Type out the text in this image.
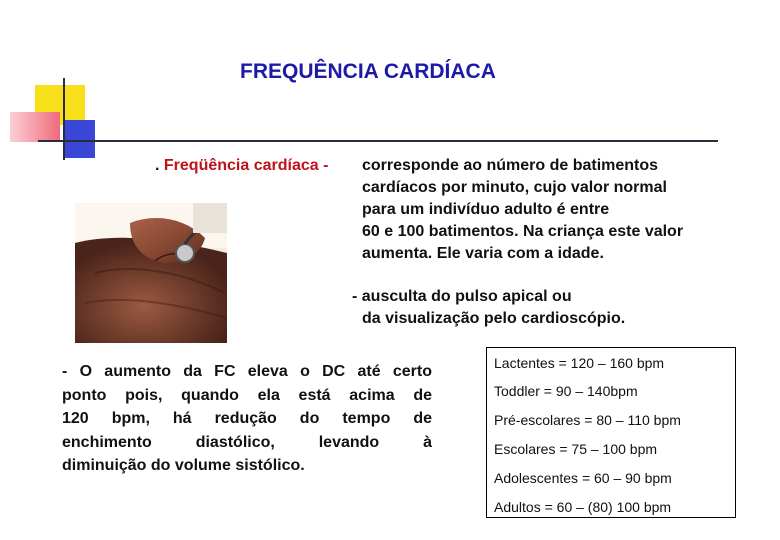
FREQUÊNCIA CARDÍACA
. Freqüência cardíaca - corresponde ao número de batimentos
cardíacos por minuto, cujo valor normal
para um indivíduo adulto é entre
60 e 100 batimentos. Na criança este valor
aumenta. Ele varia com a idade.
- ausculta do pulso apical ou
da visualização pelo cardioscópio.
- O aumento da FC eleva o DC até certo
ponto pois, quando ela está acima de
120 bpm, há redução do tempo de
enchimento diastólico, levando à
diminuição do volume sistólico.
Lactentes = 120 – 160 bpm
Toddler = 90 – 140bpm
Pré-escolares = 80 – 110 bpm
Escolares = 75 – 100 bpm
Adolescentes = 60 – 90 bpm
Adultos = 60 – (80) 100 bpm
